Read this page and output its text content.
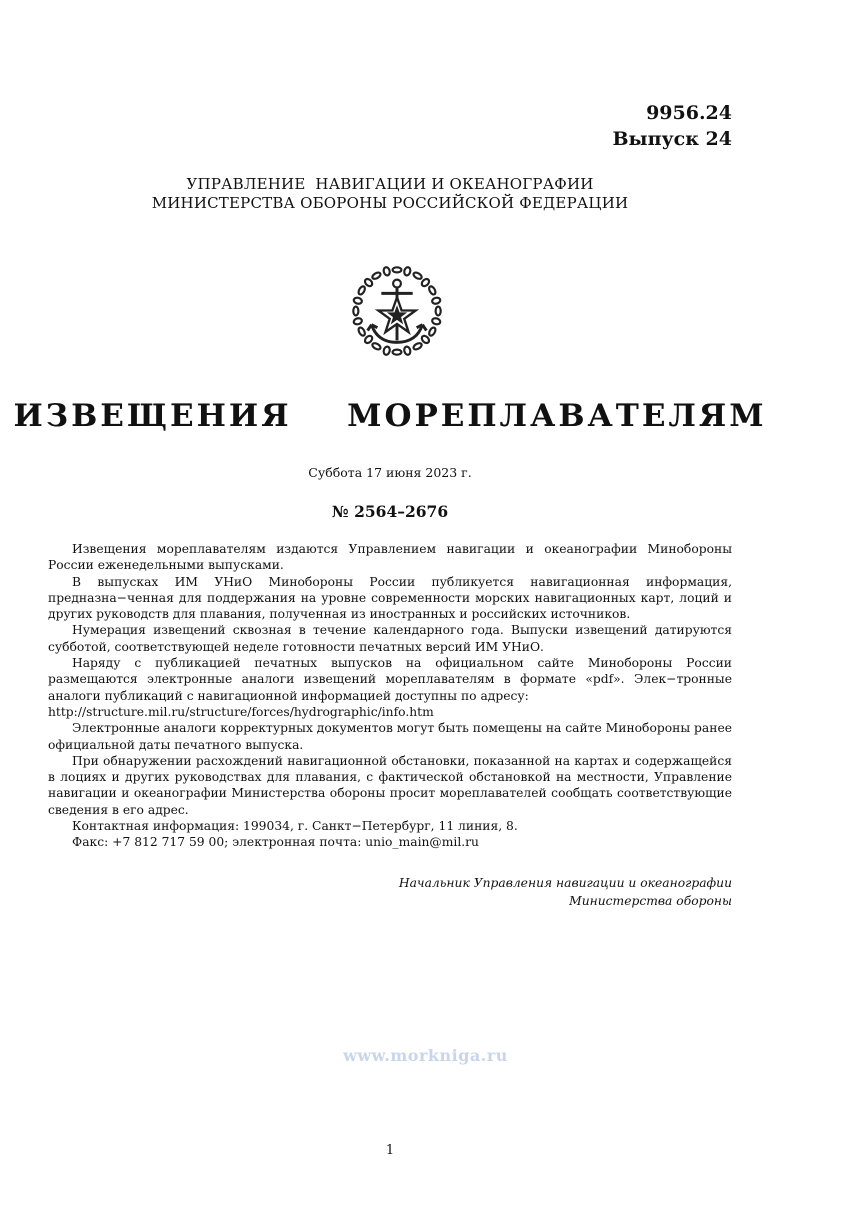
9956.24
Выпуск 24
УПРАВЛЕНИЕ  НАВИГАЦИИ И ОКЕАНОГРАФИИ
МИНИСТЕРСТВА ОБОРОНЫ РОССИЙСКОЙ ФЕДЕРАЦИИ
ИЗВЕЩЕНИЯ  МОРЕПЛАВАТЕЛЯМ
Суббота 17 июня 2023 г.
№ 2564–2676

Извещения мореплавателям издаются Управлением навигации и океанографии Минобороны России еженедельными выпусками.

В выпусках ИМ УНиО Минобороны России публикуется навигационная информация, предназна−ченная для поддержания на уровне современности морских навигационных карт, лоций и других руководств для плавания, полученная из иностранных и российских источников.

Нумерация извещений сквозная в течение календарного года. Выпуски извещений датируются субботой, соответствующей неделе готовности печатных версий ИМ УНиО.

Наряду с публикацией печатных выпусков на официальном сайте Минобороны России размещаются электронные аналоги извещений мореплавателям в формате «pdf». Элек−тронные аналоги публикаций с навигационной информацией доступны по адресу:

http://structure.mil.ru/structure/forces/hydrographic/info.htm

Электронные аналоги корректурных документов могут быть помещены на сайте Минобороны ранее официальной даты печатного выпуска.

При обнаружении расхождений навигационной обстановки, показанной на картах и содержащейся в лоциях и других руководствах для плавания, с фактической обстановкой на местности, Управление навигации и океанографии Министерства обороны просит мореплавателей сообщать соответствующие сведения в его адрес.

Контактная информация: 199034, г. Санкт−Петербург, 11 линия, 8.

Факс: +7 812 717 59 00; электронная почта: unio_main@mil.ru

Начальник Управления навигации и океанографии
Министерства обороны
www.morkniga.ru
1
